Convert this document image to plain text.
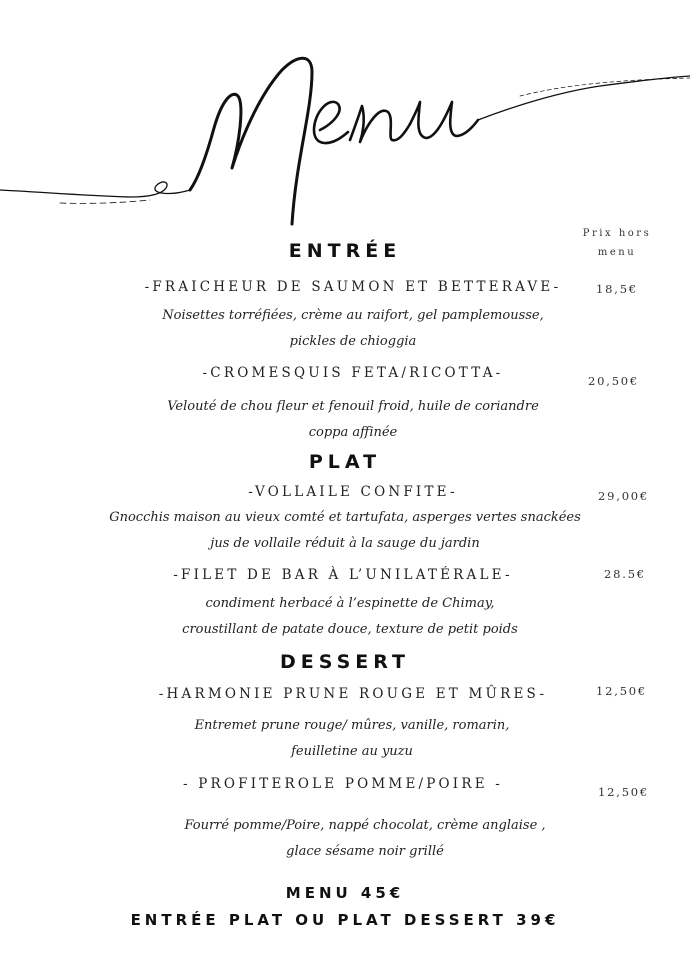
Prix hors
menu
ENTRÉE
-FRAICHEUR DE SAUMON ET BETTERAVE-	18,5€
Noisettes torréfiées, crème au raifort, gel pamplemousse,
pickles de chioggia
-CROMESQUIS FETA/RICOTTA-	20,50€
Velouté de chou fleur et fenouil froid, huile de coriandre
coppa affinée
PLAT
-VOLLAILE CONFITE-	29,00€
Gnocchis maison au vieux comté et tartufata, asperges vertes snackées
jus de vollaile réduit à la sauge du jardin
-FILET DE BAR À L’UNILATÉRALE-	28.5€
condiment herbacé à l’espinette de Chimay,
croustillant de patate douce, texture de petit poids
DESSERT
-HARMONIE PRUNE ROUGE ET MÛRES-	12,50€
Entremet prune rouge/ mûres, vanille, romarin,
feuilletine au yuzu
- PROFITEROLE POMME/POIRE -	12,50€
Fourré pomme/Poire, nappé chocolat, crème anglaise ,
glace sésame noir grillé
MENU 45€
ENTRÉE PLAT OU PLAT DESSERT 39€
